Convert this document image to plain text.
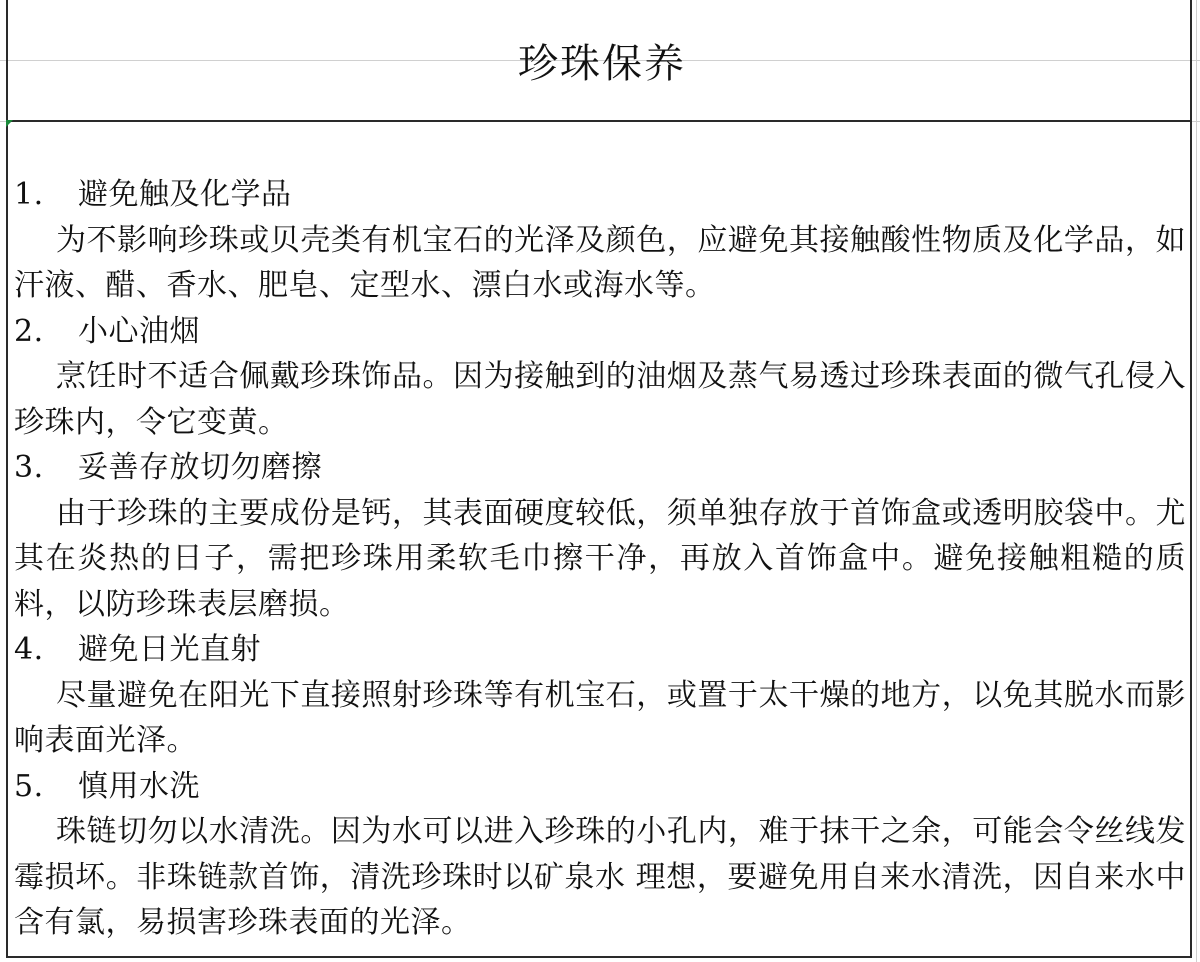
珍珠保养
1. 避免触及化学品

为不影响珍珠或贝壳类有机宝石的光泽及颜色，应避免其接触酸性物质及化学品，如汗液、醋、香水、肥皂、定型水、漂白水或海水等。

2. 小心油烟

烹饪时不适合佩戴珍珠饰品。因为接触到的油烟及蒸气易透过珍珠表面的微气孔侵入珍珠内，令它变黄。

3. 妥善存放切勿磨擦

由于珍珠的主要成份是钙，其表面硬度较低，须单独存放于首饰盒或透明胶袋中。尤其在炎热的日子，需把珍珠用柔软毛巾擦干净，再放入首饰盒中。避免接触粗糙的质料，以防珍珠表层磨损。

4. 避免日光直射

尽量避免在阳光下直接照射珍珠等有机宝石，或置于太干燥的地方，以免其脱水而影响表面光泽。

5. 慎用水洗

珠链切勿以水清洗。因为水可以进入珍珠的小孔内，难于抹干之余，可能会令丝线发霉损坏。非珠链款首饰，清洗珍珠时以矿泉水 理想，要避免用自来水清洗，因自来水中含有氯，易损害珍珠表面的光泽。
